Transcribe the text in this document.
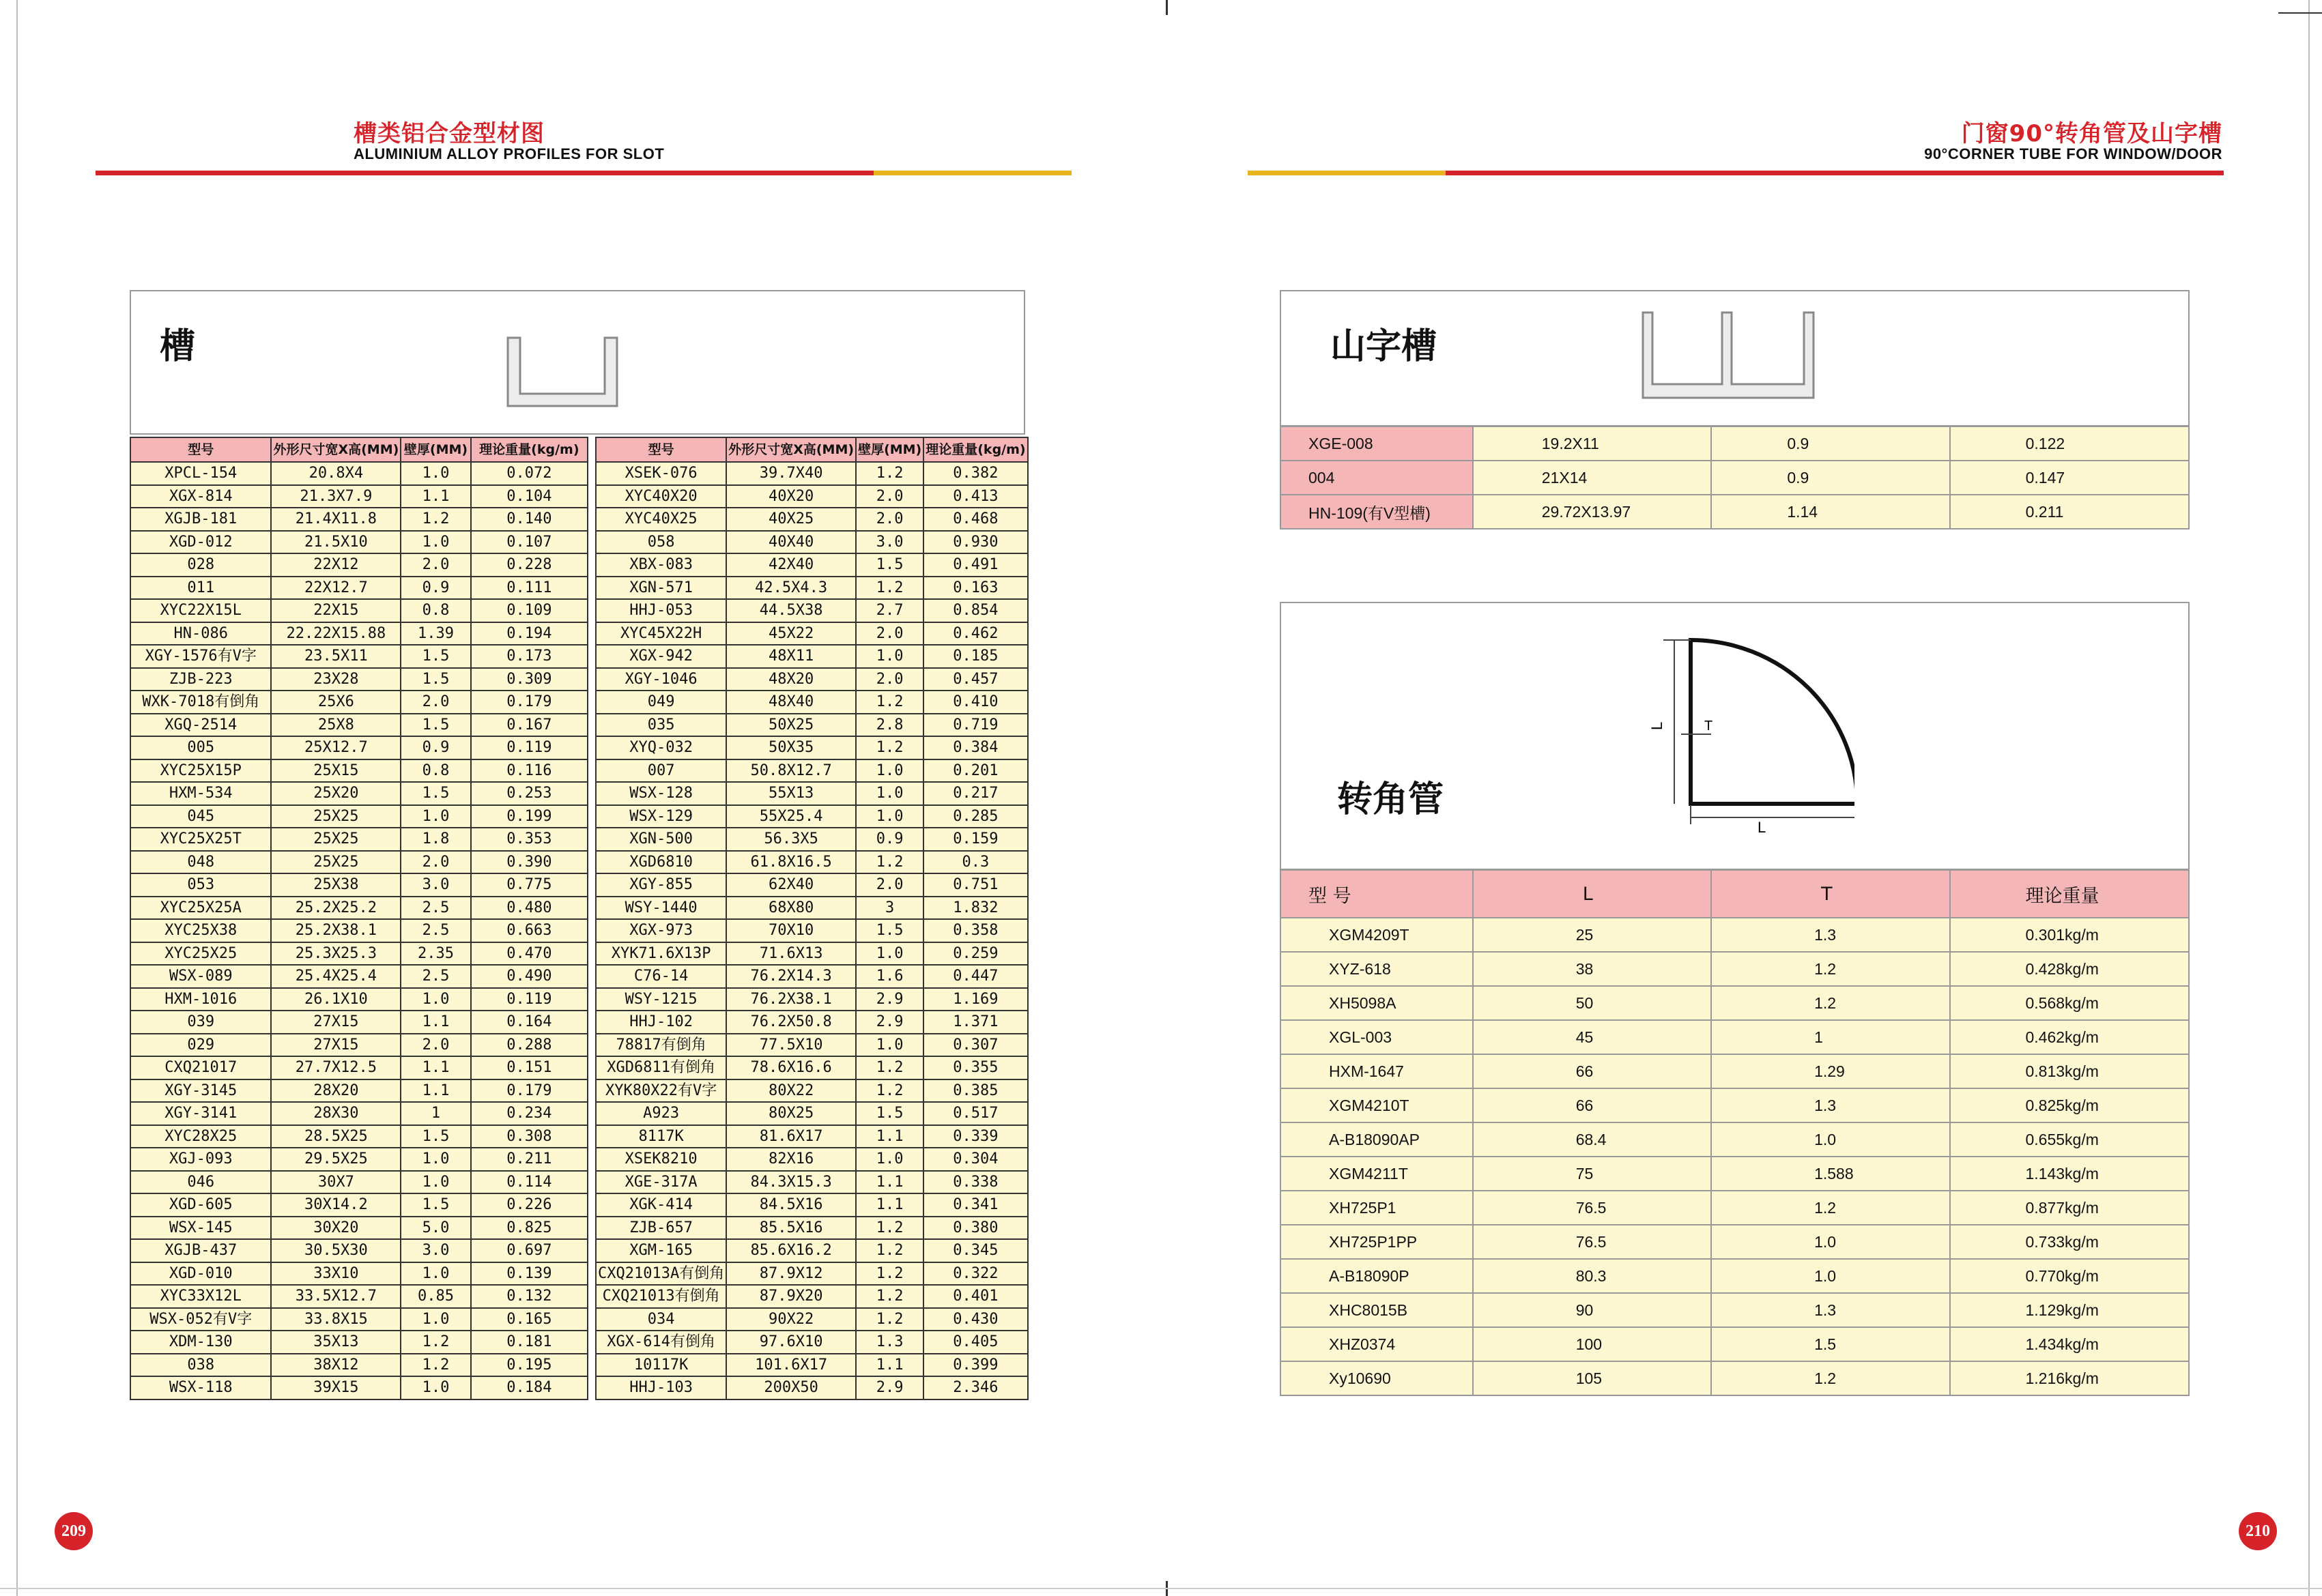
槽类铝合金型材图
ALUMINIUM ALLOY PROFILES FOR SLOT
门窗90°转角管及山字槽
90°CORNER TUBE FOR WINDOW/DOOR
槽
型号	外形尺寸宽X高(MM)	壁厚(MM)	理论重量(kg/m)
XPCL-154	20.8X4	1.0	0.072
XGX-814	21.3X7.9	1.1	0.104
XGJB-181	21.4X11.8	1.2	0.140
XGD-012	21.5X10	1.0	0.107
028	22X12	2.0	0.228
011	22X12.7	0.9	0.111
XYC22X15L	22X15	0.8	0.109
HN-086	22.22X15.88	1.39	0.194
XGY-1576有V字	23.5X11	1.5	0.173
ZJB-223	23X28	1.5	0.309
WXK-7018有倒角	25X6	2.0	0.179
XGQ-2514	25X8	1.5	0.167
005	25X12.7	0.9	0.119
XYC25X15P	25X15	0.8	0.116
HXM-534	25X20	1.5	0.253
045	25X25	1.0	0.199
XYC25X25T	25X25	1.8	0.353
048	25X25	2.0	0.390
053	25X38	3.0	0.775
XYC25X25A	25.2X25.2	2.5	0.480
XYC25X38	25.2X38.1	2.5	0.663
XYC25X25	25.3X25.3	2.35	0.470
WSX-089	25.4X25.4	2.5	0.490
HXM-1016	26.1X10	1.0	0.119
039	27X15	1.1	0.164
029	27X15	2.0	0.288
CXQ21017	27.7X12.5	1.1	0.151
XGY-3145	28X20	1.1	0.179
XGY-3141	28X30	1	0.234
XYC28X25	28.5X25	1.5	0.308
XGJ-093	29.5X25	1.0	0.211
046	30X7	1.0	0.114
XGD-605	30X14.2	1.5	0.226
WSX-145	30X20	5.0	0.825
XGJB-437	30.5X30	3.0	0.697
XGD-010	33X10	1.0	0.139
XYC33X12L	33.5X12.7	0.85	0.132
WSX-052有V字	33.8X15	1.0	0.165
XDM-130	35X13	1.2	0.181
038	38X12	1.2	0.195
WSX-118	39X15	1.0	0.184
型号	外形尺寸宽X高(MM)	壁厚(MM)	理论重量(kg/m)
XSEK-076	39.7X40	1.2	0.382
XYC40X20	40X20	2.0	0.413
XYC40X25	40X25	2.0	0.468
058	40X40	3.0	0.930
XBX-083	42X40	1.5	0.491
XGN-571	42.5X4.3	1.2	0.163
HHJ-053	44.5X38	2.7	0.854
XYC45X22H	45X22	2.0	0.462
XGX-942	48X11	1.0	0.185
XGY-1046	48X20	2.0	0.457
049	48X40	1.2	0.410
035	50X25	2.8	0.719
XYQ-032	50X35	1.2	0.384
007	50.8X12.7	1.0	0.201
WSX-128	55X13	1.0	0.217
WSX-129	55X25.4	1.0	0.285
XGN-500	56.3X5	0.9	0.159
XGD6810	61.8X16.5	1.2	0.3
XGY-855	62X40	2.0	0.751
WSY-1440	68X80	3	1.832
XGX-973	70X10	1.5	0.358
XYK71.6X13P	71.6X13	1.0	0.259
C76-14	76.2X14.3	1.6	0.447
WSY-1215	76.2X38.1	2.9	1.169
HHJ-102	76.2X50.8	2.9	1.371
78817有倒角	77.5X10	1.0	0.307
XGD6811有倒角	78.6X16.6	1.2	0.355
XYK80X22有V字	80X22	1.2	0.385
A923	80X25	1.5	0.517
8117K	81.6X17	1.1	0.339
XSEK8210	82X16	1.0	0.304
XGE-317A	84.3X15.3	1.1	0.338
XGK-414	84.5X16	1.1	0.341
ZJB-657	85.5X16	1.2	0.380
XGM-165	85.6X16.2	1.2	0.345
CXQ21013A有倒角	87.9X12	1.2	0.322
CXQ21013有倒角	87.9X20	1.2	0.401
034	90X22	1.2	0.430
XGX-614有倒角	97.6X10	1.3	0.405
10117K	101.6X17	1.1	0.399
HHJ-103	200X50	2.9	2.346
山字槽
XGE-008	19.2X11	0.9	0.122
004	21X14	0.9	0.147
HN-109(有V型槽)	29.72X13.97	1.14	0.211
转角管
L
L	T
型 号	L	T	理论重量
XGM4209T	25	1.3	0.301kg/m
XYZ-618	38	1.2	0.428kg/m
XH5098A	50	1.2	0.568kg/m
XGL-003	45	1	0.462kg/m
HXM-1647	66	1.29	0.813kg/m
XGM4210T	66	1.3	0.825kg/m
A-B18090AP	68.4	1.0	0.655kg/m
XGM4211T	75	1.588	1.143kg/m
XH725P1	76.5	1.2	0.877kg/m
XH725P1PP	76.5	1.0	0.733kg/m
A-B18090P	80.3	1.0	0.770kg/m
XHC8015B	90	1.3	1.129kg/m
XHZ0374	100	1.5	1.434kg/m
Xy10690	105	1.2	1.216kg/m
209	210
